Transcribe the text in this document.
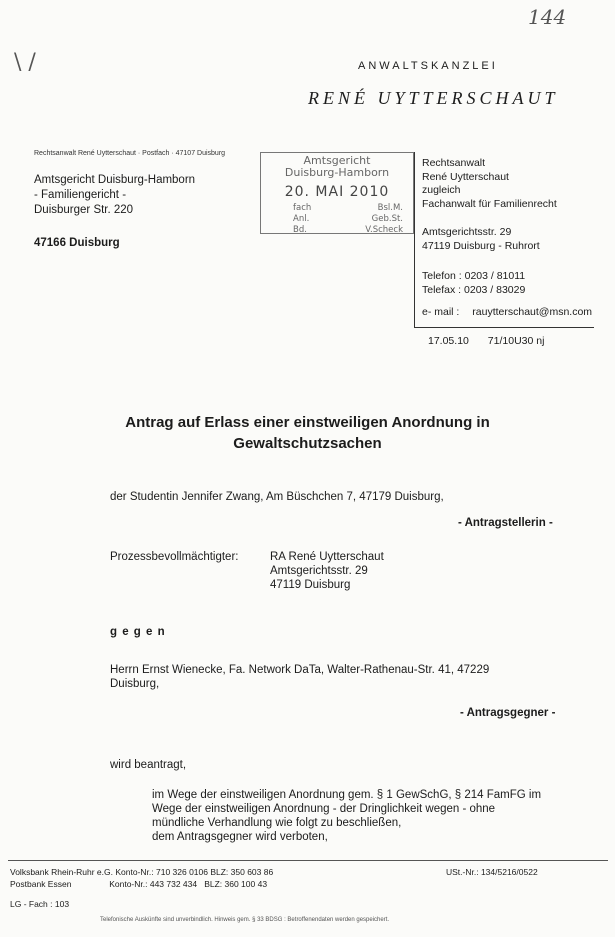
144
\ /	ANWALTSKANZLEI
RENÉ UYTTERSCHAUT
Rechtsanwalt René Uytterschaut · Postfach · 47107 Duisburg
Amtsgericht Duisburg-Hamborn
- Familiengericht -
Duisburger Str. 220
47166 Duisburg
Amtsgericht
Duisburg-Hamborn
20. MAI 2010
fach	Bsl.M.
Anl.	Geb.St.
Bd.	V.Scheck
Rechtsanwalt
René Uytterschaut
zugleich
Fachanwalt für Familienrecht
Amtsgerichtsstr. 29
47119 Duisburg - Ruhrort
Telefon : 0203 / 81011
Telefax : 0203 / 83029
e- mail : rauytterschaut@msn.com
17.05.10 71/10U30 nj
Antrag auf Erlass einer einstweiligen Anordnung in
Gewaltschutzsachen
der Studentin Jennifer Zwang, Am Büschchen 7, 47179 Duisburg,
- Antragstellerin -
Prozessbevollmächtigter:	RA René Uytterschaut
Amtsgerichtsstr. 29
47119 Duisburg
g e g e n
Herrn Ernst Wienecke, Fa. Network DaTa, Walter-Rathenau-Str. 41, 47229
Duisburg,
- Antragsgegner -
wird beantragt,
im Wege der einstweiligen Anordnung gem. § 1 GewSchG, § 214 FamFG im
Wege der einstweiligen Anordnung - der Dringlichkeit wegen - ohne
mündliche Verhandlung wie folgt zu beschließen,
dem Antragsgegner wird verboten,
Volksbank Rhein-Ruhr e.G. Konto-Nr.: 710 326 0106 BLZ: 350 603 86
Postbank Essen                Konto-Nr.: 443 732 434   BLZ: 360 100 43
USt.-Nr.: 134/5216/0522
LG - Fach : 103
Telefonische Auskünfte sind unverbindlich. Hinweis gem. § 33 BDSG : Betroffenendaten werden gespeichert.
